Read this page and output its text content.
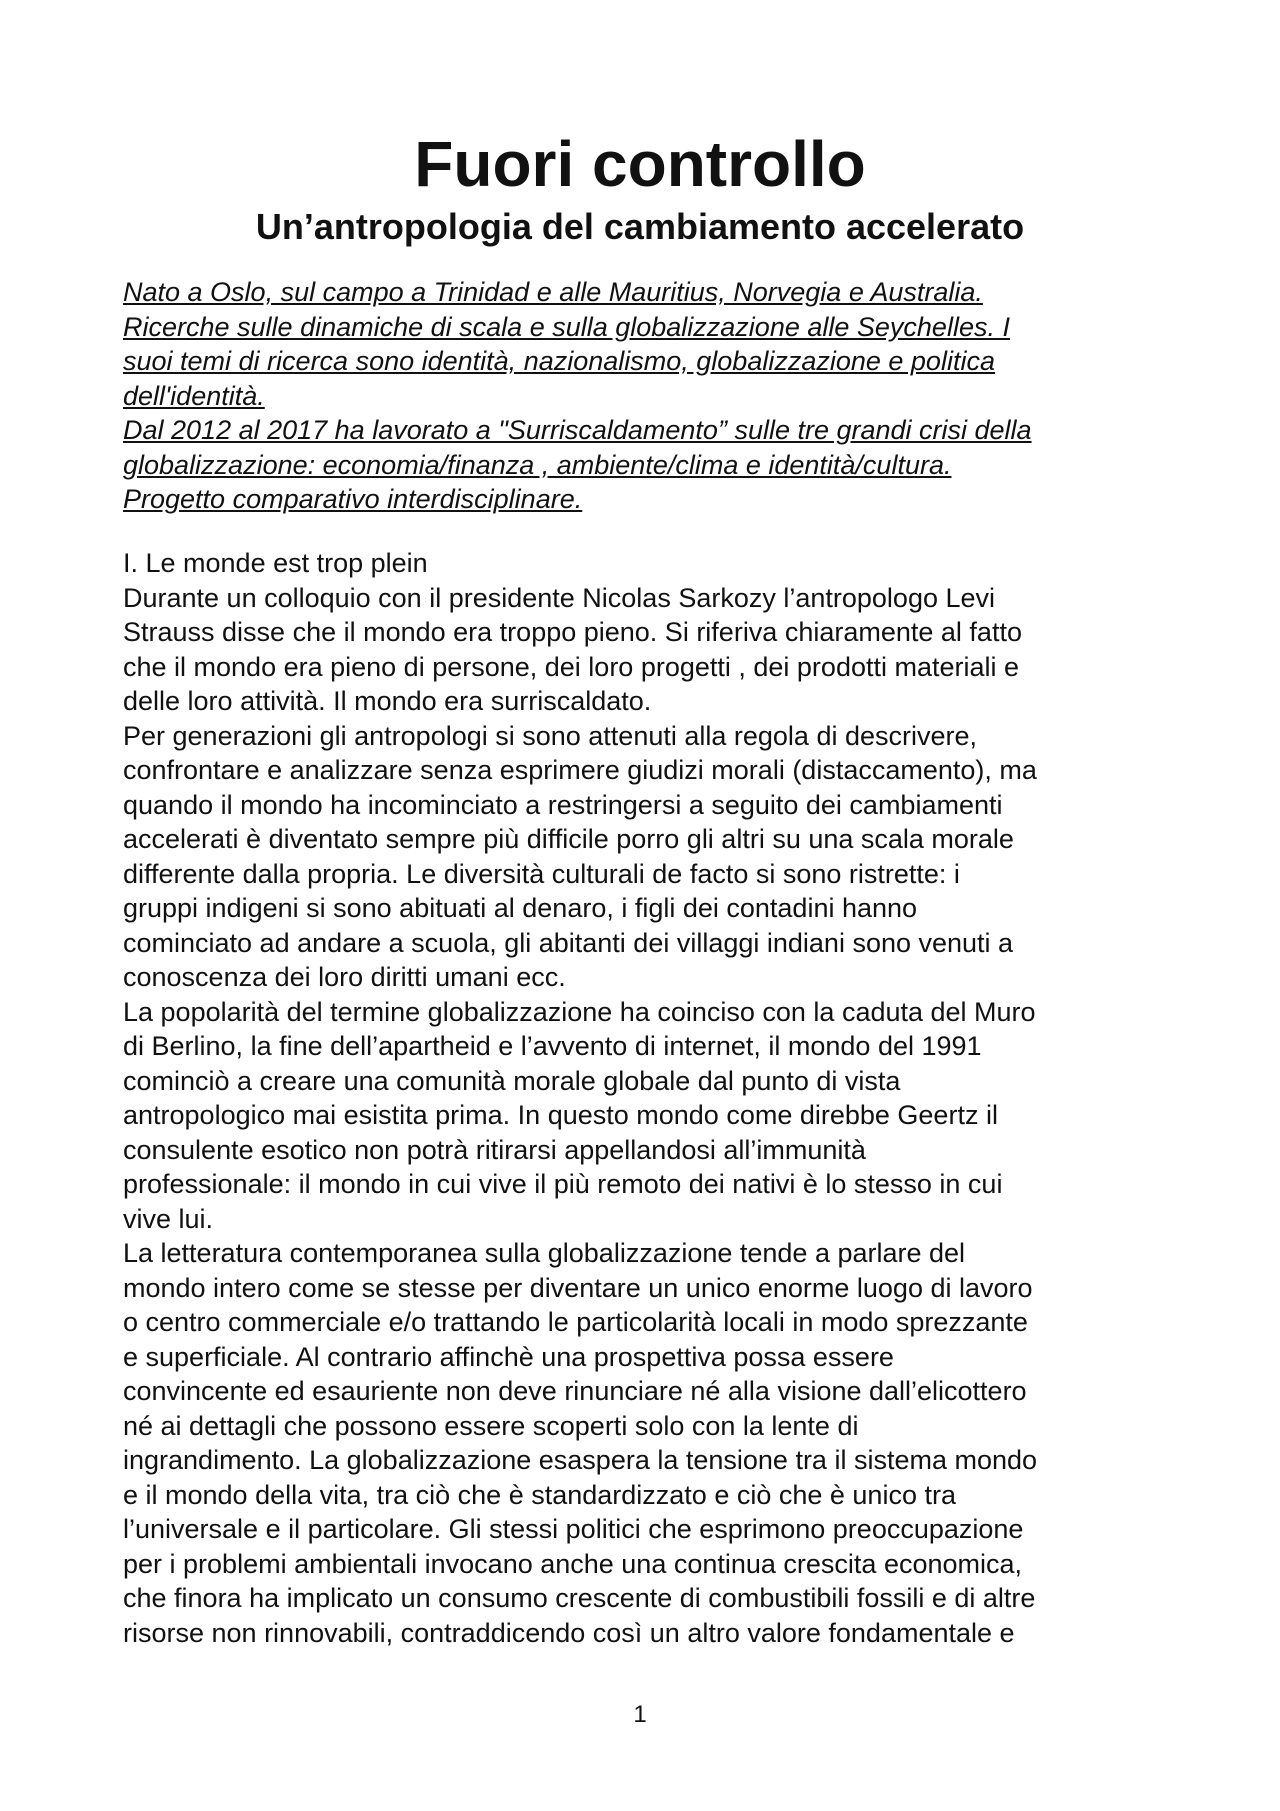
Fuori controllo
Un’antropologia del cambiamento accelerato
Nato a Oslo, sul campo a Trinidad e alle Mauritius, Norvegia e Australia.
Ricerche sulle dinamiche di scala e sulla globalizzazione alle Seychelles. I
suoi temi di ricerca sono identità, nazionalismo, globalizzazione e politica
dell'identità.
Dal 2012 al 2017 ha lavorato a "Surriscaldamento” sulle tre grandi crisi della
globalizzazione: economia/finanza , ambiente/clima e identità/cultura.
Progetto comparativo interdisciplinare.
I. Le monde est trop plein
Durante un colloquio con il presidente Nicolas Sarkozy l’antropologo Levi
Strauss disse che il mondo era troppo pieno. Si riferiva chiaramente al fatto
che il mondo era pieno di persone, dei loro progetti , dei prodotti materiali e
delle loro attività. Il mondo era surriscaldato.
Per generazioni gli antropologi si sono attenuti alla regola di descrivere,
confrontare e analizzare senza esprimere giudizi morali (distaccamento), ma
quando il mondo ha incominciato a restringersi a seguito dei cambiamenti
accelerati è diventato sempre più difficile porro gli altri su una scala morale
differente dalla propria. Le diversità culturali de facto si sono ristrette: i
gruppi indigeni si sono abituati al denaro, i figli dei contadini hanno
cominciato ad andare a scuola, gli abitanti dei villaggi indiani sono venuti a
conoscenza dei loro diritti umani ecc.
La popolarità del termine globalizzazione ha coinciso con la caduta del Muro
di Berlino, la fine dell’apartheid e l’avvento di internet, il mondo del 1991
cominciò a creare una comunità morale globale dal punto di vista
antropologico mai esistita prima. In questo mondo come direbbe Geertz il
consulente esotico non potrà ritirarsi appellandosi all’immunità
professionale: il mondo in cui vive il più remoto dei nativi è lo stesso in cui
vive lui.
La letteratura contemporanea sulla globalizzazione tende a parlare del
mondo intero come se stesse per diventare un unico enorme luogo di lavoro
o centro commerciale e/o trattando le particolarità locali in modo sprezzante
e superficiale. Al contrario affinchè una prospettiva possa essere
convincente ed esauriente non deve rinunciare né alla visione dall’elicottero
né ai dettagli che possono essere scoperti solo con la lente di
ingrandimento. La globalizzazione esaspera la tensione tra il sistema mondo
e il mondo della vita, tra ciò che è standardizzato e ciò che è unico tra
l’universale e il particolare. Gli stessi politici che esprimono preoccupazione
per i problemi ambientali invocano anche una continua crescita economica,
che finora ha implicato un consumo crescente di combustibili fossili e di altre
risorse non rinnovabili, contraddicendo così un altro valore fondamentale e
1
